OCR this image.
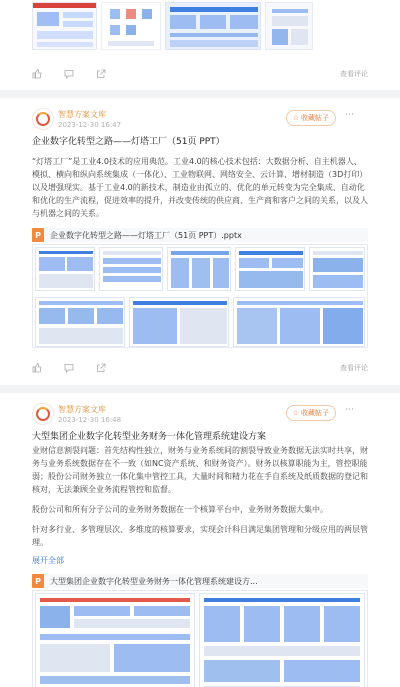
查看评论
智慧方案文库
2023-12-30 16:47
☆ 收藏帖子 ⋯
企业数字化转型之路——灯塔工厂（51页 PPT）
“灯塔工厂”是工业4.0技术的应用典范。工业4.0的核心技术包括：大数据分析、自主机器人、模拟、横向和纵向系统集成（一体化）、工业物联网、网络安全、云计算、增材制造（3D打印）以及增强现实。基于工业4.0的新技术，制造业由孤立的、优化的单元转变为完全集成、自动化和优化的生产流程，促进效率的提升，并改变传统的供应商、生产商和客户之间的关系，以及人与机器之间的关系。
P	企业数字化转型之路——灯塔工厂（51页 PPT）.pptx
查看评论
智慧方案文库
2023-12-30 16:48
☆ 收藏帖子 ⋯
大型集团企业数字化转型业务财务一体化管理系统建设方案
业财信息割裂问题：首先结构性独立，财务与业务系统间的割裂导致业务数据无法实时共享，财务与业务系统数据存在不一致（如NC资产系统、和财务资产）。财务以核算职能为主，管控职能弱；股份公司财务独立一体化集中管控工具，大量时间和精力花在手自系统及纸质数据的登记和核对，无法兼顾全业务流程管控和监督。
股份公司和所有分子公司的业务财务数据在一个核算平台中，业务财务数据大集中。
针对多行业、多管理层次、多维度的核算要求，实现会计科目满足集团管理和分级应用的两层管理。
展开全部
P	大型集团企业数字化转型业务财务一体化管理系统建设方...
